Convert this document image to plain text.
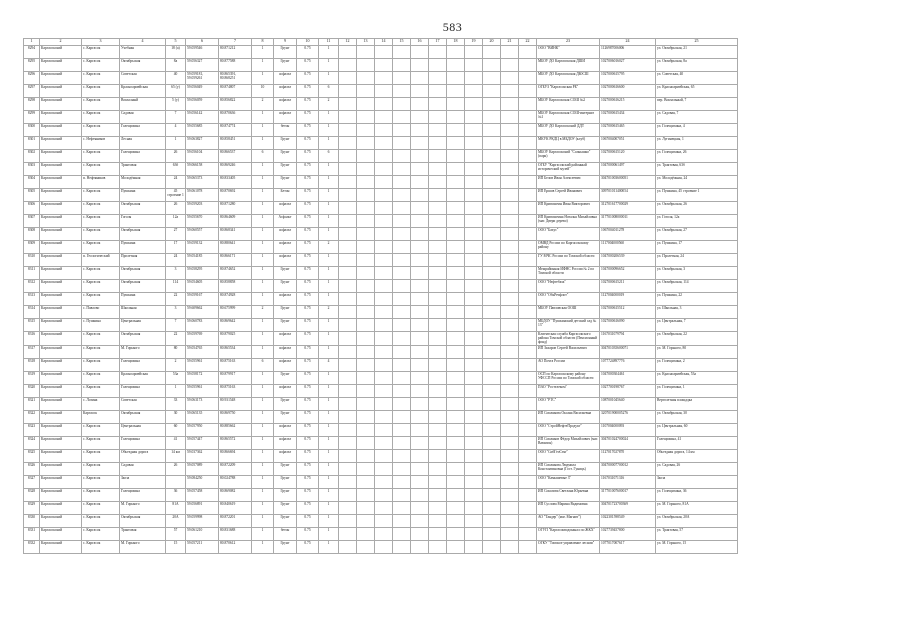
583
1	2	3	4	5	6	7	8	9	10	11	12	13	14	15	16	17	18	19	20	21	22	23	24	25
8294	Каргасокский	с. Каргасок	Учебная	18 (а)	59.059546	80.871212	1	Грунт	0.75	1												ООО "ВИНК"	1126987006006	ул. Октябрьская, 21
8295	Каргасокский	с. Каргасок	Октябрьская	8а	59.056327	80.877588	1	Грунт	0.75	1												МБОУ ДО Каргасокская ДШИ	1027006016027	ул. Октябрьская, 8а
8296	Каргасокский	с. Каргасок	Советская	40	59.059181, 59.059261	80.865391, 80.868251	1	асфальт	0.75	1												МБОУ ДО Каргасокская ДЮСШ	1027000615795	ул. Советская, 40
8297	Каргасокский	с. Каргасок	Красноармейская	65 (у)	59.056049	80.874807	10	асфальт	0.75	6												ОГБУЗ "Каргасокская РБ"	1027000616600	ул. Красноармейская, 65
8298	Каргасокский	с. Каргасок	Вокзалный	5 (у)	59.056059	80.856822	2	асфальт	0.75	2												МБОУ Каргасокская СОШ №2	1027000616215	пер. Вокзальный, 7
8299	Каргасокский	с. Каргасок	Садовая	7	59.056142	80.870636	1	асфальт	0.75	1												МБОУ Каргасокская СОШ-интернат №1	1027000615434	ул. Садовая, 7
8300	Каргасокский	с. Каргасок	Голещихина	4	59.055685	80.874774	1	бетон	0.75	1												МБОУ ДО Каргасокский ДДТ	1027000615465	ул. Голещихина, 4
8301	Каргасокский	с. Нефтяников	Лесная	1	59.063827	80.858451	1	Грунт	0.75	1												МКУК РКДЦ в МБДОУ (клуб)	1067004007051	ул. Лугинецкая, 1
8302	Каргасокский	с. Каргасок	Голещихина	26	59.056104	80.866537	6	Грунт	0.75	6												МБОУ Каргасокский "Солнышко" (парк)	1027000615120	ул. Голещихина, 26
8303	Каргасокский	с. Каргасок	Трактовая	63б	59.066158	80.869246	1	Грунт	0.75	1												ОГБУ "Каргасокский районный исторический музей"	1047000061497	ул. Трактовая, 63б
8304	Каргасокский	п. Нефтяников	Молодёжная	24	59.065373	80.833405	1	Грунт	0.75	1												ИП Белов Иван Алексеевич	304701003600051	ул. Молодёжная, 24
8305	Каргасокский	с. Каргасок	Пушкина	45 строение 1	59.061078	80.870692	1	Бетон	0.75	1												ИП Ершов Сергей Иванович	309701011400054	ул. Пушкина, 45 строение 1
8306	Каргасокский	с. Каргасок	Октябрьская	26	59.059203	80.871280	1	асфальт	0.75	1												ИП Кривошеин Иван Викторович	312701617700029	ул. Октябрьская, 26
8307	Каргасокский	с. Каргасок	Гоголя	12а	59.055670	80.864609	1	Асфальт	0.75	1												ИП Кривошеина Наталья Михайловна (маг. Двери дерево)	317701008000011	ул. Гоголя, 12а
8308	Каргасокский	с. Каргасок	Октябрьская	27	59.060557	80.868341	1	асфальт	0.75	1												ООО "Бахус"	1067004011278	ул. Октябрьская, 27
8309	Каргасокский	с. Каргасок	Пушкина	17	59.059132	80.880641	1	асфальт	0.75	2												ОМВД России по Каргасокскому району	1117004000560	ул. Пушкина, 17
8310	Каргасокский	п. Геологический	Пролетная	24	59.054185	80.866171	1	асфальт	0.75	1												ГУ МЧС России по Томской области	1047000206539	ул. Пролетная, 24
8311	Каргасокский	с. Каргасок	Октябрьская	3	59.058295	80.874652	1	Грунт	0.75	1												Межрайонная ИФНС России № 2 по Томской области	1047000096652	ул. Октябрьская, 3
8312	Каргасокский	с. Каргасок	Октябрьская	114	59.054605	80.858858	1	Грунт	0.75	1												ООО "Нефтебаза"	1027000615211	ул. Октябрьская, 114
8313	Каргасокский	с. Каргасок	Пушкина	22	59.059167	80.874928	1	асфальт	0.75	1												ООО "ОбьРечфлот"	1127004000019	ул. Пушкина, 22
8314	Каргасокский	с. Павлово	Школьная	3	59.609662	80.675999	2	Грунт	0.75	2												МБОУ Павловская ООШ	1027000615512	ул. Школьная, 3
8315	Каргасокский	с. Пушкина	Центральная	7	59.060783	80.869642	1	Грунт	0.75	1												МБДОУ "Пушкинский детский сад № 13"	1027000616090	ул. Центральная, 7
8316	Каргасокский	с. Каргасок	Октябрьская	22	59.059769	80.879025	1	асфальт	0.75	1												Клиентская служба Каргасокского района Томской области (Пенсионный фонд)	1167031079794	ул. Октябрьская, 22
8317	Каргасокский	с. Каргасок	М. Горького	80	59.054765	80.865534	1	асфальт	0.75	1												ИП Захаров Сергей Васильевич	304701035600071	ул. М. Горького, 80
8318	Каргасокский	с. Каргасок	Голещихина	2	59.055961	80.875163	6	асфальт	0.75	4												АО Почта России	1077724897776	ул. Голещихина, 2
8319	Каргасокский	с. Каргасок	Красноармейская	53а	59.058172	80.879917	1	Грунт	0.75	1												ОСП по Каргасокскому району УФССП России по Томской области	1047000304461	ул. Красноармейская, 53а
8320	Каргасокский	с. Каргасок	Голещихина	1	59.055961	80.875163	1	асфальт	0.75	1												ПАО "Ростелеком"	1027700198767	ул. Голещихина, 1
8321	Каргасокский	с. Лозина	Советская	33	59.063173	80.931548	1	Грунт	0.75	1												ООО "РТС"	1087001045640	Вертолетная площадка
8322	Каргасокский	Каргасок	Октябрьская	30	59.065135	80.869750	1	Грунт	0.75	1												ИП Смолякова Оксана Васильевна	320701900005276	ул. Октябрьская, 30
8323	Каргасокский	с. Каргасок	Центральная	60	59.057950	80.885662	1	асфальт	0.75	1												ООО "СтройНефтеПродукт"	1107004000093	ул. Центральная, 60
8324	Каргасокский	с. Каргасок	Голещихина	41	59.057447	80.865572	1	асфальт	0.75	1												ИП Смоляков Фёдор Михайлович (маг. Вавилон)	304701024700024	Голещихина, 41
8325	Каргасокский	с. Каргасок	Обьездная дорога	14 км	59.037362	80.866694	1	асфальт	0.75	1												ООО "СибГеоСтяг"	1127017027870	Обьездная дорога, 14 км
8326	Каргасокский	с. Каргасок	Садовая	26	59.057089	80.872209	1	Грунт	0.75	1												ИП Смолякова Людмила Константиновна (Гост. Гуниць)	304700007700012	ул. Садовая, 26
8327	Каргасокский	с. Каргасок	Заоза		59.084250	80.024788	1	Грунт	0.75	1												ООО "Камышевые 3"	1167031071316	Заоза
8328	Каргасокский	с. Каргасок	Голещихина	36	59.057458	80.869082	1	Грунт	0.75	1												ИП Соколова Светлана Юрьевна	317701007600017	ул. Голещихина, 36
8329	Каргасокский	с. Каргасок	М. Горького	81А	59.056891	80.840619	1	Грунт	0.75	1												ИП Суслова Марина Вадимовна	304701723700369	ул. М. Горького, 81А
8330	Каргасокский	с. Каргасок	Октябрьская	20А	59.059998	80.872201	1	Грунт	0.75	1												АО "Тандер" (маг. Магнит")	1022301598549	ул. Октябрьская, 20А
8331	Каргасокский	с. Каргасок	Трактовая	57	59.061210	80.831688	1	бетон	0.75	1												ОГУП "Каргасокводоканал по ЖКХ"	1027739457800	ул. Трактовая, 57
8332	Каргасокский	с. Каргасок	М. Горького	15	59.057211	80.870612	1	Грунт	0.75	1												ОГКУ "Томское управление лесами"	1077017007617	ул. М. Горького, 15
